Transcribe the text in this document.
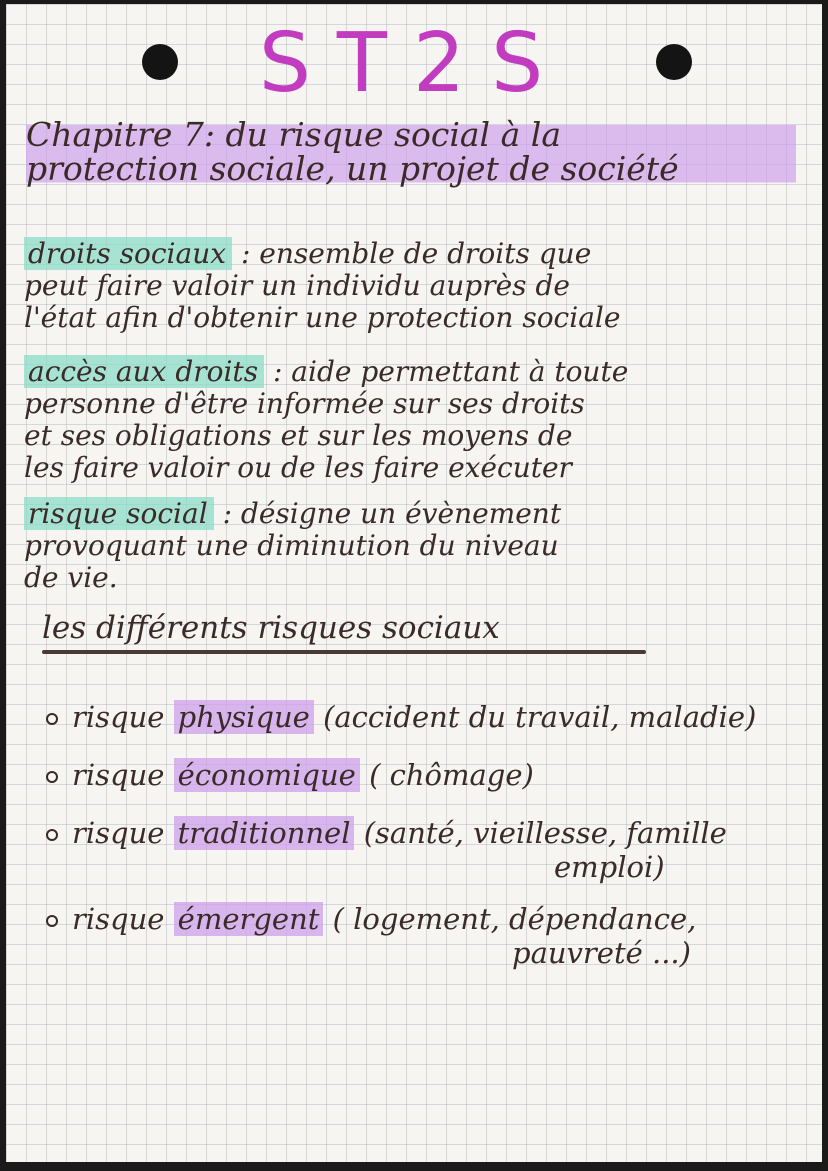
ST2S
Chapitre 7: du risque social à la
protection sociale, un projet de société
droits sociaux : ensemble de droits que
peut faire valoir un individu auprès de
l'état afin d'obtenir une protection sociale
accès aux droits : aide permettant à toute
personne d'être informée sur ses droits
et ses obligations et sur les moyens de
les faire valoir ou de les faire exécuter
risque social : désigne un évènement
provoquant une diminution du niveau
de vie.
les différents risques sociaux
risque physique (accident du travail, maladie)
risque économique ( chômage)
risque traditionnel (santé, vieillesse, famille
emploi)
risque émergent ( logement, dépendance,
pauvreté ...)
